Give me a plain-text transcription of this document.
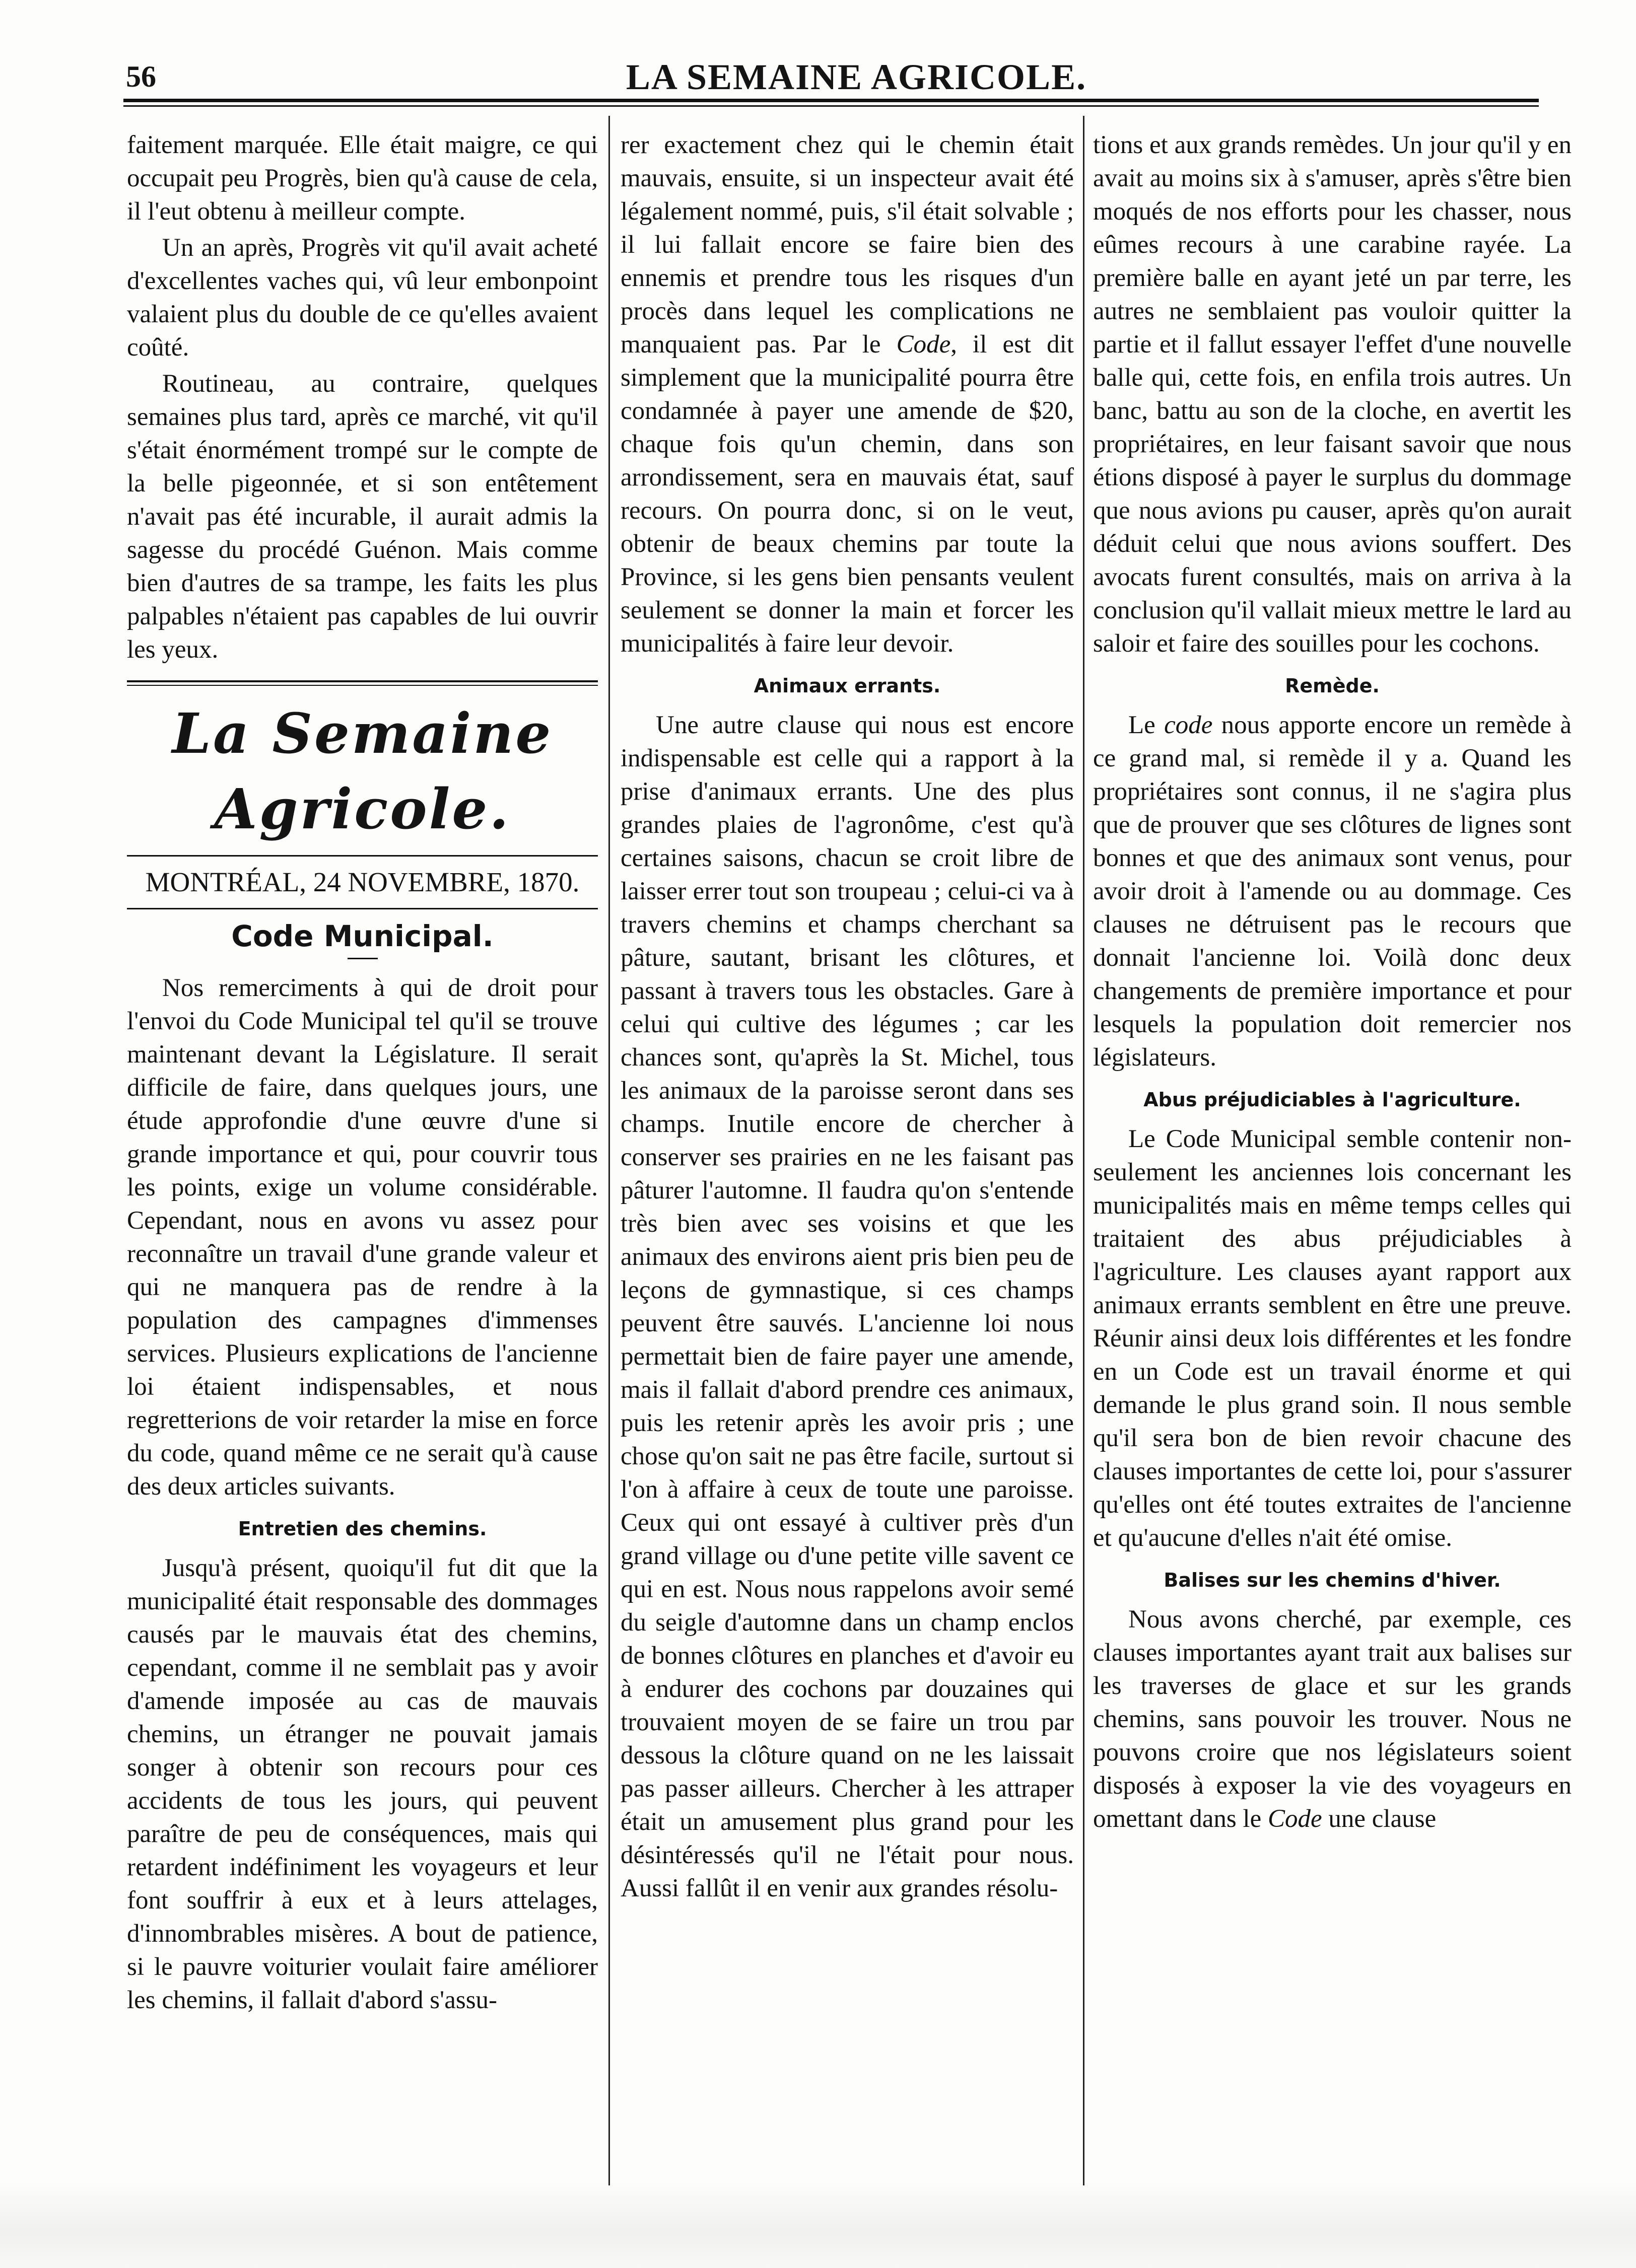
56	LA SEMAINE AGRICOLE.

faitement marquée. Elle était maigre, ce qui occupait peu Progrès, bien qu'à cause de cela, il l'eut obtenu à meilleur compte.

Un an après, Progrès vit qu'il avait acheté d'excellentes vaches qui, vû leur embonpoint valaient plus du double de ce qu'elles avaient coûté.

Routineau, au contraire, quelques semaines plus tard, après ce marché, vit qu'il s'était énormément trompé sur le compte de la belle pigeonnée, et si son entêtement n'avait pas été incurable, il aurait admis la sagesse du procédé Guénon. Mais comme bien d'autres de sa trampe, les faits les plus palpables n'étaient pas capables de lui ouvrir les yeux.

La Semaine Agricole.
MONTRÉAL, 24 NOVEMBRE, 1870.
Code Municipal.

Nos remerciments à qui de droit pour l'envoi du Code Municipal tel qu'il se trouve maintenant devant la Législature. Il serait difficile de faire, dans quelques jours, une étude approfondie d'une œuvre d'une si grande importance et qui, pour couvrir tous les points, exige un volume considérable. Cependant, nous en avons vu assez pour reconnaître un travail d'une grande valeur et qui ne manquera pas de rendre à la population des campagnes d'immenses services. Plusieurs explications de l'ancienne loi étaient indispensables, et nous regretterions de voir retarder la mise en force du code, quand même ce ne serait qu'à cause des deux articles suivants.

Entretien des chemins.

Jusqu'à présent, quoiqu'il fut dit que la municipalité était responsable des dommages causés par le mauvais état des chemins, cependant, comme il ne semblait pas y avoir d'amende imposée au cas de mauvais chemins, un étranger ne pouvait jamais songer à obtenir son recours pour ces accidents de tous les jours, qui peuvent paraître de peu de conséquences, mais qui retardent indéfiniment les voyageurs et leur font souffrir à eux et à leurs attelages, d'innombrables misères. A bout de patience, si le pauvre voiturier voulait faire améliorer les chemins, il fallait d'abord s'assu-

rer exactement chez qui le chemin était mauvais, ensuite, si un inspecteur avait été légalement nommé, puis, s'il était solvable ; il lui fallait encore se faire bien des ennemis et prendre tous les risques d'un procès dans lequel les complications ne manquaient pas. Par le Code, il est dit simplement que la municipalité pourra être condamnée à payer une amende de $20, chaque fois qu'un chemin, dans son arrondissement, sera en mauvais état, sauf recours. On pourra donc, si on le veut, obtenir de beaux chemins par toute la Province, si les gens bien pensants veulent seulement se donner la main et forcer les municipalités à faire leur devoir.

Animaux errants.

Une autre clause qui nous est encore indispensable est celle qui a rapport à la prise d'animaux errants. Une des plus grandes plaies de l'agronôme, c'est qu'à certaines saisons, chacun se croit libre de laisser errer tout son troupeau ; celui-ci va à travers chemins et champs cherchant sa pâture, sautant, brisant les clôtures, et passant à travers tous les obstacles. Gare à celui qui cultive des légumes ; car les chances sont, qu'après la St. Michel, tous les animaux de la paroisse seront dans ses champs. Inutile encore de chercher à conserver ses prairies en ne les faisant pas pâturer l'automne. Il faudra qu'on s'entende très bien avec ses voisins et que les animaux des environs aient pris bien peu de leçons de gymnastique, si ces champs peuvent être sauvés. L'ancienne loi nous permettait bien de faire payer une amende, mais il fallait d'abord prendre ces animaux, puis les retenir après les avoir pris ; une chose qu'on sait ne pas être facile, surtout si l'on à affaire à ceux de toute une paroisse. Ceux qui ont essayé à cultiver près d'un grand village ou d'une petite ville savent ce qui en est. Nous nous rappelons avoir semé du seigle d'automne dans un champ enclos de bonnes clôtures en planches et d'avoir eu à endurer des cochons par douzaines qui trouvaient moyen de se faire un trou par dessous la clôture quand on ne les laissait pas passer ailleurs. Chercher à les attraper était un amusement plus grand pour les désintéressés qu'il ne l'était pour nous. Aussi fallût il en venir aux grandes résolu-

tions et aux grands remèdes. Un jour qu'il y en avait au moins six à s'amuser, après s'être bien moqués de nos efforts pour les chasser, nous eûmes recours à une carabine rayée. La première balle en ayant jeté un par terre, les autres ne semblaient pas vouloir quitter la partie et il fallut essayer l'effet d'une nouvelle balle qui, cette fois, en enfila trois autres. Un banc, battu au son de la cloche, en avertit les propriétaires, en leur faisant savoir que nous étions disposé à payer le surplus du dommage que nous avions pu causer, après qu'on aurait déduit celui que nous avions souffert. Des avocats furent consultés, mais on arriva à la conclusion qu'il vallait mieux mettre le lard au saloir et faire des souilles pour les cochons.

Remède.

Le code nous apporte encore un remède à ce grand mal, si remède il y a. Quand les propriétaires sont connus, il ne s'agira plus que de prouver que ses clôtures de lignes sont bonnes et que des animaux sont venus, pour avoir droit à l'amende ou au dommage. Ces clauses ne détruisent pas le recours que donnait l'ancienne loi. Voilà donc deux changements de première importance et pour lesquels la population doit remercier nos législateurs.

Abus préjudiciables à l'agriculture.

Le Code Municipal semble contenir non-seulement les anciennes lois concernant les municipalités mais en même temps celles qui traitaient des abus préjudiciables à l'agriculture. Les clauses ayant rapport aux animaux errants semblent en être une preuve. Réunir ainsi deux lois différentes et les fondre en un Code est un travail énorme et qui demande le plus grand soin. Il nous semble qu'il sera bon de bien revoir chacune des clauses importantes de cette loi, pour s'assurer qu'elles ont été toutes extraites de l'ancienne et qu'aucune d'elles n'ait été omise.

Balises sur les chemins d'hiver.

Nous avons cherché, par exemple, ces clauses importantes ayant trait aux balises sur les traverses de glace et sur les grands chemins, sans pouvoir les trouver. Nous ne pouvons croire que nos législateurs soient disposés à exposer la vie des voyageurs en omettant dans le Code une clause
